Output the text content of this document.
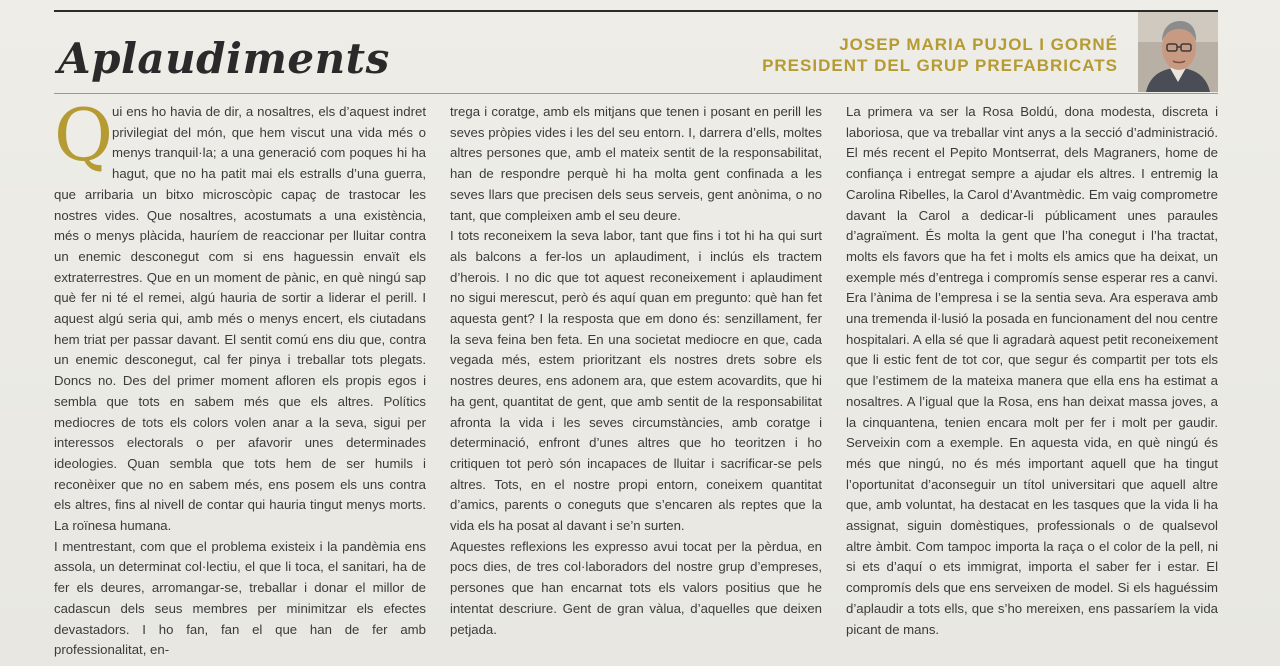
Aplaudiments	JOSEP MARIA PUJOL I GORNÉ
PRESIDENT DEL GRUP PREFABRICATS
Q

ui ens ho havia de dir, a nosaltres, els d’aquest indret privilegiat del món, que hem viscut una vida més o menys tranquil·la; a una generació com poques hi ha hagut, que no ha patit mai els estralls d’una guerra, que arribaria un bitxo microscòpic capaç de trastocar les nostres vides. Que nosaltres, acostumats a una existència, més o menys plàcida, hauríem de reaccionar per lluitar contra un enemic desconegut com si ens haguessin envaït els extraterrestres. Que en un moment de pànic, en què ningú sap què fer ni té el remei, algú hauria de sortir a liderar el perill. I aquest algú seria qui, amb més o menys encert, els ciutadans hem triat per passar davant. El sentit comú ens diu que, contra un enemic desconegut, cal fer pinya i treballar tots plegats. Doncs no. Des del primer moment afloren els propis egos i sembla que tots en sabem més que els altres. Polítics mediocres de tots els colors volen anar a la seva, sigui per interessos electorals o per afavorir unes determinades ideologies. Quan sembla que tots hem de ser humils i reconèixer que no en sabem més, ens posem els uns contra els altres, fins al nivell de contar qui hauria tingut menys morts. La roïnesa humana.

I mentrestant, com que el problema existeix i la pandèmia ens assola, un determinat col·lectiu, el que li toca, el sanitari, ha de fer els deures, arromangar-se, treballar i donar el millor de cadascun dels seus membres per minimitzar els efectes devastadors. I ho fan, fan el que han de fer amb professionalitat, en-

trega i coratge, amb els mitjans que tenen i posant en perill les seves pròpies vides i les del seu entorn. I, darrera d’ells, moltes altres persones que, amb el mateix sentit de la responsabilitat, han de respondre perquè hi ha molta gent confinada a les seves llars que precisen dels seus serveis, gent anònima, o no tant, que compleixen amb el seu deure.

I tots reconeixem la seva labor, tant que fins i tot hi ha qui surt als balcons a fer-los un aplaudiment, i inclús els tractem d’herois. I no dic que tot aquest reconeixement i aplaudiment no sigui merescut, però és aquí quan em pregunto: què han fet aquesta gent? I la resposta que em dono és: senzillament, fer la seva feina ben feta. En una societat mediocre en que, cada vegada més, estem prioritzant els nostres drets sobre els nostres deures, ens adonem ara, que estem acovardits, que hi ha gent, quantitat de gent, que amb sentit de la responsabilitat afronta la vida i les seves circumstàncies, amb coratge i determinació, enfront d’unes altres que ho teoritzen i ho critiquen tot però són incapaces de lluitar i sacrificar-se pels altres. Tots, en el nostre propi entorn, coneixem quantitat d’amics, parents o coneguts que s’encaren als reptes que la vida els ha posat al davant i se’n surten.

Aquestes reflexions les expresso avui tocat per la pèrdua, en pocs dies, de tres col·laboradors del nostre grup d’empreses, persones que han encarnat tots els valors positius que he intentat descriure. Gent de gran vàlua, d’aquelles que deixen petjada.

La primera va ser la Rosa Boldú, dona modesta, discreta i laboriosa, que va treballar vint anys a la secció d’administració. El més recent el Pepito Montserrat, dels Magraners, home de confiança i entregat sempre a ajudar els altres. I entremig la Carolina Ribelles, la Carol d’Avantmèdic. Em vaig comprometre davant la Carol a dedicar-li públicament unes paraules d’agraïment. És molta la gent que l’ha conegut i l’ha tractat, molts els favors que ha fet i molts els amics que ha deixat, un exemple més d’entrega i compromís sense esperar res a canvi. Era l’ànima de l’empresa i se la sentia seva. Ara esperava amb una tremenda il·lusió la posada en funcionament del nou centre hospitalari. A ella sé que li agradarà aquest petit reconeixement que li estic fent de tot cor, que segur és compartit per tots els que l’estimem de la mateixa manera que ella ens ha estimat a nosaltres. A l’igual que la Rosa, ens han deixat massa joves, a la cinquantena, tenien encara molt per fer i molt per gaudir. Serveixin com a exemple. En aquesta vida, en què ningú és més que ningú, no és més important aquell que ha tingut l’oportunitat d’aconseguir un títol universitari que aquell altre que, amb voluntat, ha destacat en les tasques que la vida li ha assignat, siguin domèstiques, professionals o de qualsevol altre àmbit. Com tampoc importa la raça o el color de la pell, ni si ets d’aquí o ets immigrat, importa el saber fer i estar. El compromís dels que ens serveixen de model. Si els haguéssim d’aplaudir a tots ells, que s’ho mereixen, ens passaríem la vida picant de mans.
